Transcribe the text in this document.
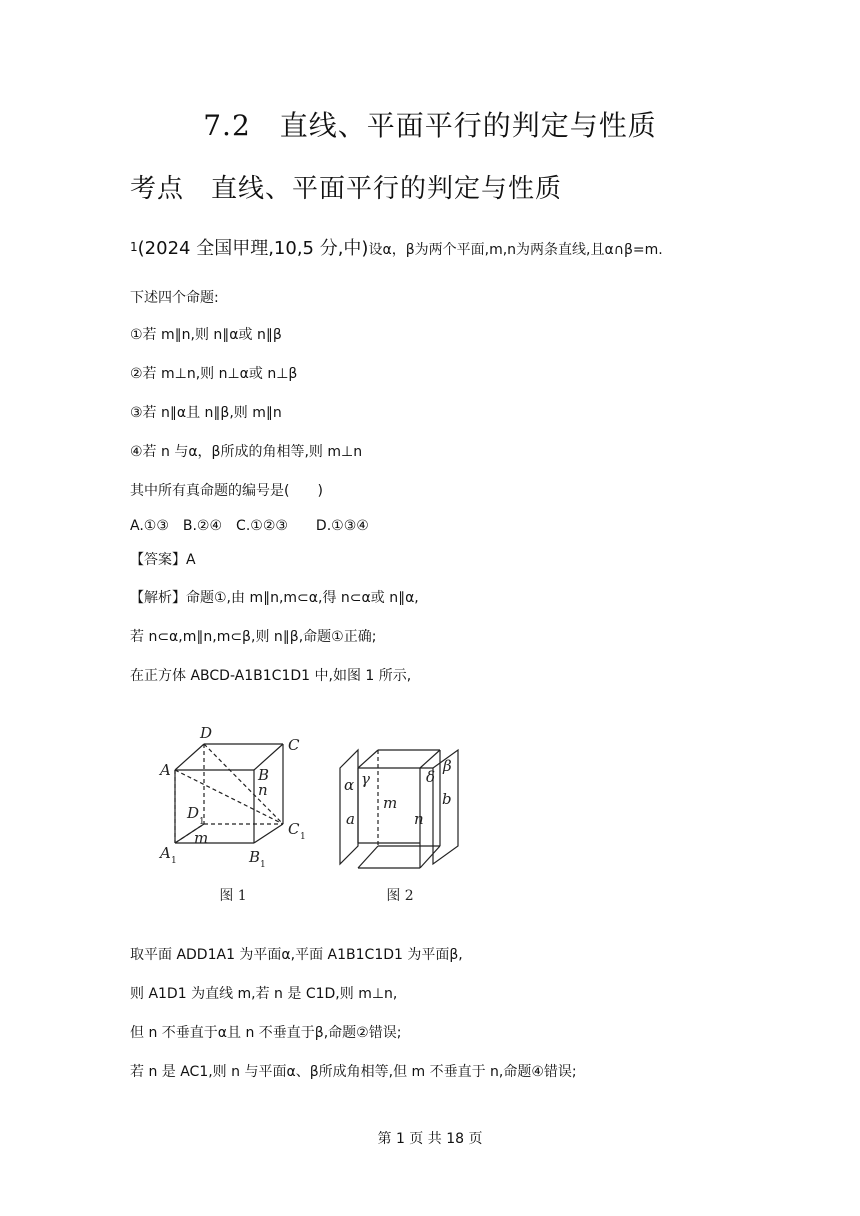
7.2　直线、平面平行的判定与性质
考点　直线、平面平行的判定与性质
1(2024 全国甲理,10,5 分,中)设α，β为两个平面,m,n为两条直线,且α∩β=m.
下述四个命题:
①若 m∥n,则 n∥α或 n∥β
②若 m⊥n,则 n⊥α或 n⊥β
③若 n∥α且 n∥β,则 m∥n
④若 n 与α，β所成的角相等,则 m⊥n
其中所有真命题的编号是(　　)
A.①③　B.②④　C.①②③　　D.①③④
【答案】A
【解析】命题①,由 m∥n,m⊂α,得 n⊂α或 n∥α,
若 n⊂α,m∥n,m⊂β,则 n∥β,命题①正确;
在正方体 ABCD-A1B1C1D1 中,如图 1 所示,
D
C
A	B
n
D 1	C 1
m
A 1	B 1
图 1
α γ	δ
β
m	b
a	n
图 2
取平面 ADD1A1 为平面α,平面 A1B1C1D1 为平面β,
则 A1D1 为直线 m,若 n 是 C1D,则 m⊥n,
但 n 不垂直于α且 n 不垂直于β,命题②错误;
若 n 是 AC1,则 n 与平面α、β所成角相等,但 m 不垂直于 n,命题④错误;
第 1 页 共 18 页
